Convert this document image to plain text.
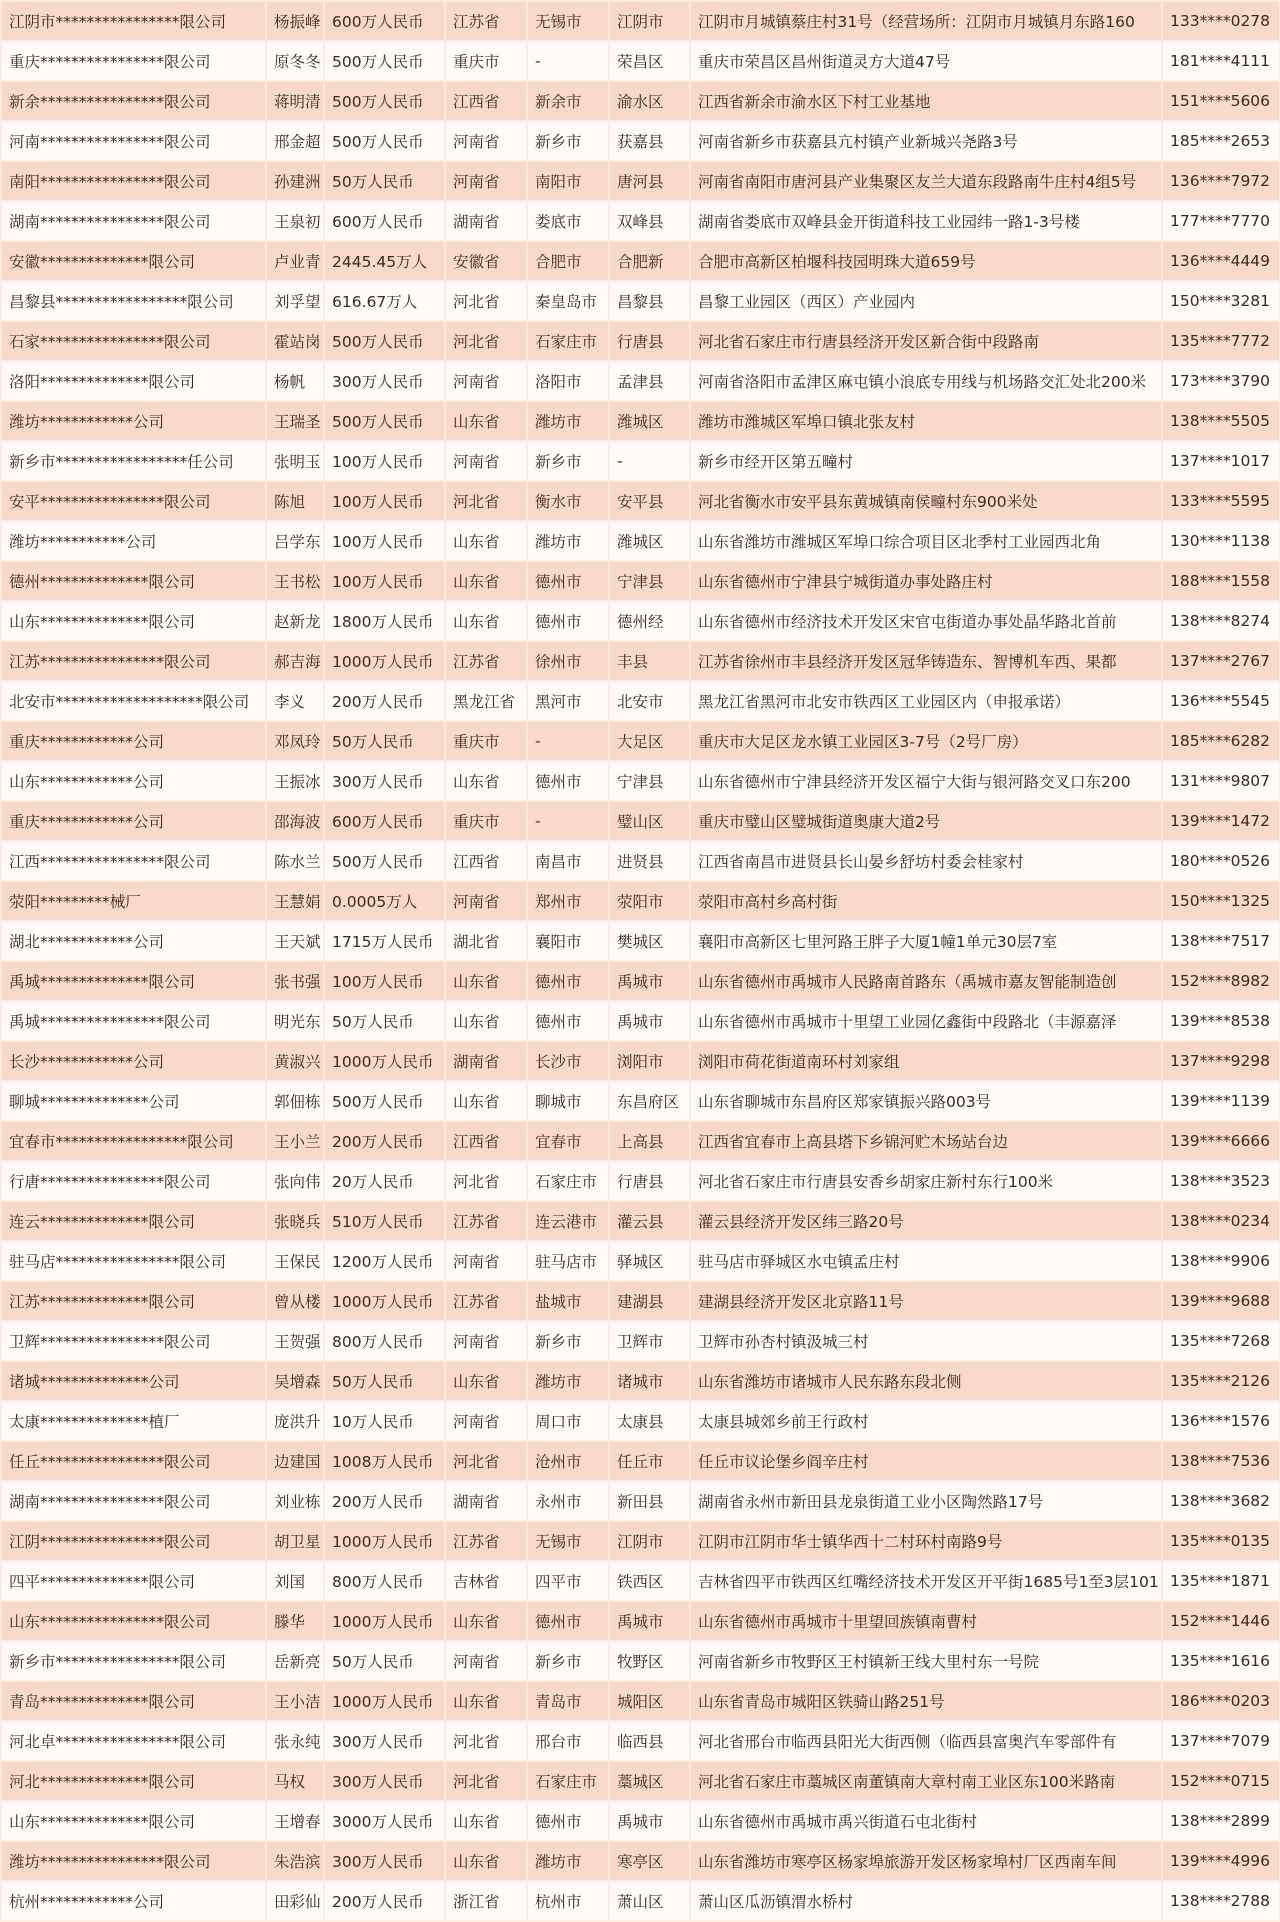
江阴市****************限公司	杨振峰	600万人民币	江苏省	无锡市	江阴市	江阴市月城镇蔡庄村31号（经营场所：江阴市月城镇月东路160	133****0278
重庆****************限公司	原冬冬	500万人民币	重庆市	-	荣昌区	重庆市荣昌区昌州街道灵方大道47号	181****4111
新余****************限公司	蒋明清	500万人民币	江西省	新余市	渝水区	江西省新余市渝水区下村工业基地	151****5606
河南****************限公司	邢金超	500万人民币	河南省	新乡市	获嘉县	河南省新乡市获嘉县亢村镇产业新城兴尧路3号	185****2653
南阳****************限公司	孙建洲	50万人民币	河南省	南阳市	唐河县	河南省南阳市唐河县产业集聚区友兰大道东段路南牛庄村4组5号	136****7972
湖南****************限公司	王泉初	600万人民币	湖南省	娄底市	双峰县	湖南省娄底市双峰县金开街道科技工业园纬一路1-3号楼	177****7770
安徽**************限公司	卢业青	2445.45万人	安徽省	合肥市	合肥新	合肥市高新区柏堰科技园明珠大道659号	136****4449
昌黎县*****************限公司	刘孚望	616.67万人	河北省	秦皇岛市	昌黎县	昌黎工业园区（西区）产业园内	150****3281
石家****************限公司	霍站岗	500万人民币	河北省	石家庄市	行唐县	河北省石家庄市行唐县经济开发区新合街中段路南	135****7772
洛阳**************限公司	杨帆	300万人民币	河南省	洛阳市	孟津县	河南省洛阳市孟津区麻屯镇小浪底专用线与机场路交汇处北200米	173****3790
潍坊************公司	王瑞圣	500万人民币	山东省	潍坊市	潍城区	潍坊市潍城区军埠口镇北张友村	138****5505
新乡市*****************任公司	张明玉	100万人民币	河南省	新乡市	-	新乡市经开区第五疃村	137****1017
安平****************限公司	陈旭	100万人民币	河北省	衡水市	安平县	河北省衡水市安平县东黄城镇南侯疃村东900米处	133****5595
潍坊***********公司	吕学东	100万人民币	山东省	潍坊市	潍城区	山东省潍坊市潍城区军埠口综合项目区北季村工业园西北角	130****1138
德州**************限公司	王书松	100万人民币	山东省	德州市	宁津县	山东省德州市宁津县宁城街道办事处路庄村	188****1558
山东**************限公司	赵新龙	1800万人民币	山东省	德州市	德州经	山东省德州市经济技术开发区宋官屯街道办事处晶华路北首前	138****8274
江苏****************限公司	郝吉海	1000万人民币	江苏省	徐州市	丰县	江苏省徐州市丰县经济开发区冠华铸造东、智博机车西、果都	137****2767
北安市*******************限公司	李义	200万人民币	黑龙江省	黑河市	北安市	黑龙江省黑河市北安市铁西区工业园区内（申报承诺）	136****5545
重庆************公司	邓凤玲	50万人民币	重庆市	-	大足区	重庆市大足区龙水镇工业园区3-7号（2号厂房）	185****6282
山东************公司	王振冰	300万人民币	山东省	德州市	宁津县	山东省德州市宁津县经济开发区福宁大街与银河路交叉口东200	131****9807
重庆************公司	邵海波	600万人民币	重庆市	-	璧山区	重庆市璧山区璧城街道奥康大道2号	139****1472
江西****************限公司	陈水兰	500万人民币	江西省	南昌市	进贤县	江西省南昌市进贤县长山晏乡舒坊村委会桂家村	180****0526
荥阳*********械厂	王慧娟	0.0005万人	河南省	郑州市	荥阳市	荥阳市高村乡高村街	150****1325
湖北************公司	王天斌	1715万人民币	湖北省	襄阳市	樊城区	襄阳市高新区七里河路王胖子大厦1幢1单元30层7室	138****7517
禹城**************限公司	张书强	100万人民币	山东省	德州市	禹城市	山东省德州市禹城市人民路南首路东（禹城市嘉友智能制造创	152****8982
禹城****************限公司	明光东	50万人民币	山东省	德州市	禹城市	山东省德州市禹城市十里望工业园亿鑫街中段路北（丰源嘉泽	139****8538
长沙************公司	黄淑兴	1000万人民币	湖南省	长沙市	浏阳市	浏阳市荷花街道南环村刘家组	137****9298
聊城**************公司	郭佃栋	500万人民币	山东省	聊城市	东昌府区	山东省聊城市东昌府区郑家镇振兴路003号	139****1139
宜春市*****************限公司	王小兰	200万人民币	江西省	宜春市	上高县	江西省宜春市上高县塔下乡锦河贮木场站台边	139****6666
行唐****************限公司	张向伟	20万人民币	河北省	石家庄市	行唐县	河北省石家庄市行唐县安香乡胡家庄新村东行100米	138****3523
连云**************限公司	张晓兵	510万人民币	江苏省	连云港市	灌云县	灌云县经济开发区纬三路20号	138****0234
驻马店****************限公司	王保民	1200万人民币	河南省	驻马店市	驿城区	驻马店市驿城区水屯镇孟庄村	138****9906
江苏**************限公司	曾从楼	1000万人民币	江苏省	盐城市	建湖县	建湖县经济开发区北京路11号	139****9688
卫辉****************限公司	王贺强	800万人民币	河南省	新乡市	卫辉市	卫辉市孙杏村镇汲城三村	135****7268
诸城**************公司	吴增森	50万人民币	山东省	潍坊市	诸城市	山东省潍坊市诸城市人民东路东段北侧	135****2126
太康**************植厂	庞洪升	10万人民币	河南省	周口市	太康县	太康县城郊乡前王行政村	136****1576
任丘****************限公司	边建国	1008万人民币	河北省	沧州市	任丘市	任丘市议论堡乡阎辛庄村	138****7536
湖南****************限公司	刘业栋	200万人民币	湖南省	永州市	新田县	湖南省永州市新田县龙泉街道工业小区陶然路17号	138****3682
江阴****************限公司	胡卫星	1000万人民币	江苏省	无锡市	江阴市	江阴市江阴市华士镇华西十二村环村南路9号	135****0135
四平**************限公司	刘国	800万人民币	吉林省	四平市	铁西区	吉林省四平市铁西区红嘴经济技术开发区开平街1685号1至3层101	135****1871
山东****************限公司	滕华	1000万人民币	山东省	德州市	禹城市	山东省德州市禹城市十里望回族镇南曹村	152****1446
新乡市****************限公司	岳新亮	50万人民币	河南省	新乡市	牧野区	河南省新乡市牧野区王村镇新王线大里村东一号院	135****1616
青岛**************限公司	王小洁	1000万人民币	山东省	青岛市	城阳区	山东省青岛市城阳区铁骑山路251号	186****0203
河北卓****************限公司	张永纯	300万人民币	河北省	邢台市	临西县	河北省邢台市临西县阳光大街西侧（临西县富奥汽车零部件有	137****7079
河北**************限公司	马权	300万人民币	河北省	石家庄市	藁城区	河北省石家庄市藁城区南董镇南大章村南工业区东100米路南	152****0715
山东**************限公司	王增春	3000万人民币	山东省	德州市	禹城市	山东省德州市禹城市禹兴街道石屯北街村	138****2899
潍坊****************限公司	朱浩滨	300万人民币	山东省	潍坊市	寒亭区	山东省潍坊市寒亭区杨家埠旅游开发区杨家埠村厂区西南车间	139****4996
杭州************公司	田彩仙	200万人民币	浙江省	杭州市	萧山区	萧山区瓜沥镇渭水桥村	138****2788
